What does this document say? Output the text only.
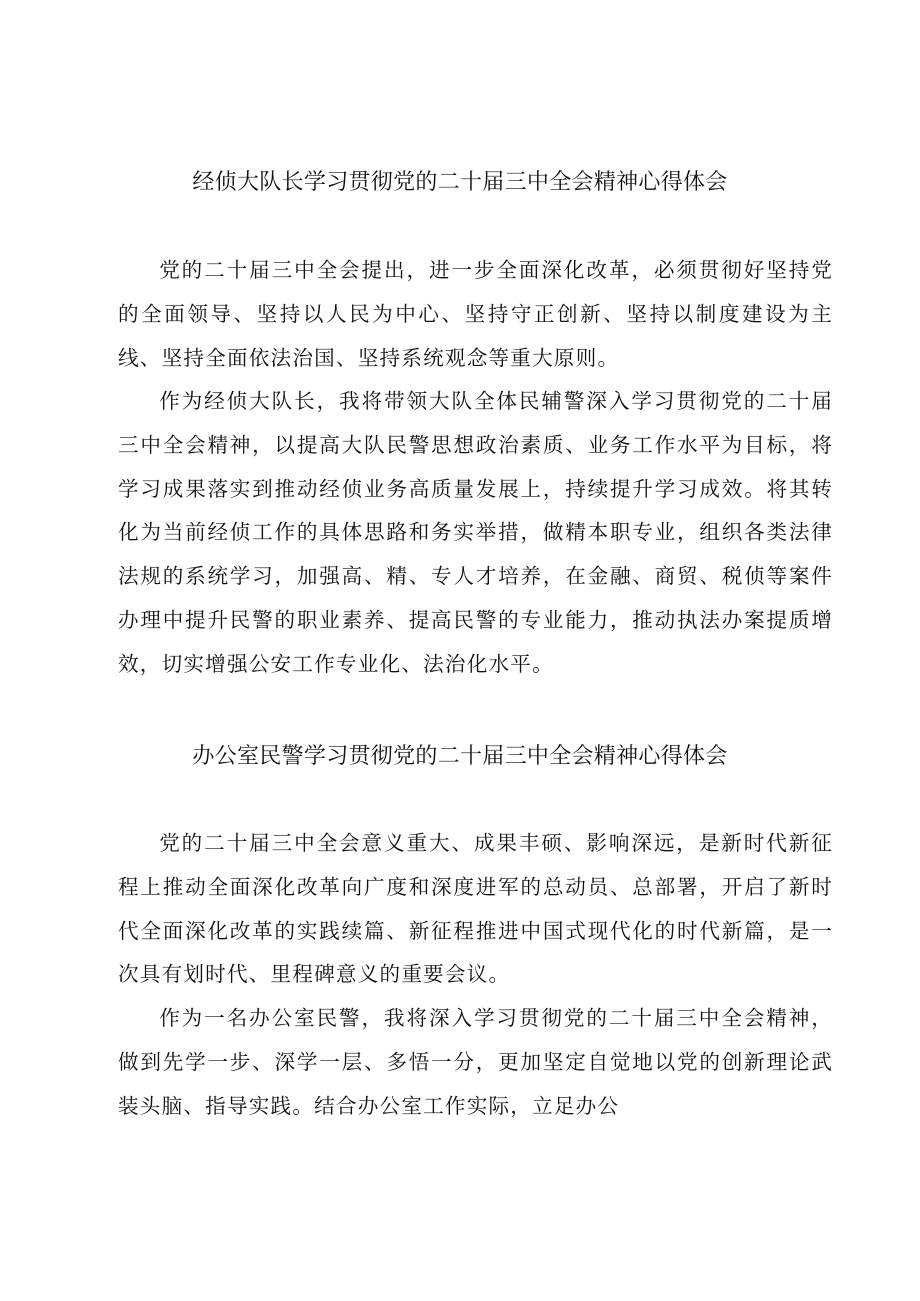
经侦大队长学习贯彻党的二十届三中全会精神心得体会

党的二十届三中全会提出，进一步全面深化改革，必须贯彻好坚持党的全面领导、坚持以人民为中心、坚持守正创新、坚持以制度建设为主线、坚持全面依法治国、坚持系统观念等重大原则。

作为经侦大队长，我将带领大队全体民辅警深入学习贯彻党的二十届三中全会精神，以提高大队民警思想政治素质、业务工作水平为目标，将学习成果落实到推动经侦业务高质量发展上，持续提升学习成效。将其转化为当前经侦工作的具体思路和务实举措，做精本职专业，组织各类法律法规的系统学习，加强高、精、专人才培养，在金融、商贸、税侦等案件办理中提升民警的职业素养、提高民警的专业能力，推动执法办案提质增效，切实增强公安工作专业化、法治化水平。

办公室民警学习贯彻党的二十届三中全会精神心得体会

党的二十届三中全会意义重大、成果丰硕、影响深远，是新时代新征程上推动全面深化改革向广度和深度进军的总动员、总部署，开启了新时代全面深化改革的实践续篇、新征程推进中国式现代化的时代新篇，是一次具有划时代、里程碑意义的重要会议。

作为一名办公室民警，我将深入学习贯彻党的二十届三中全会精神，做到先学一步、深学一层、多悟一分，更加坚定自觉地以党的创新理论武装头脑、指导实践。结合办公室工作实际，立足办公
